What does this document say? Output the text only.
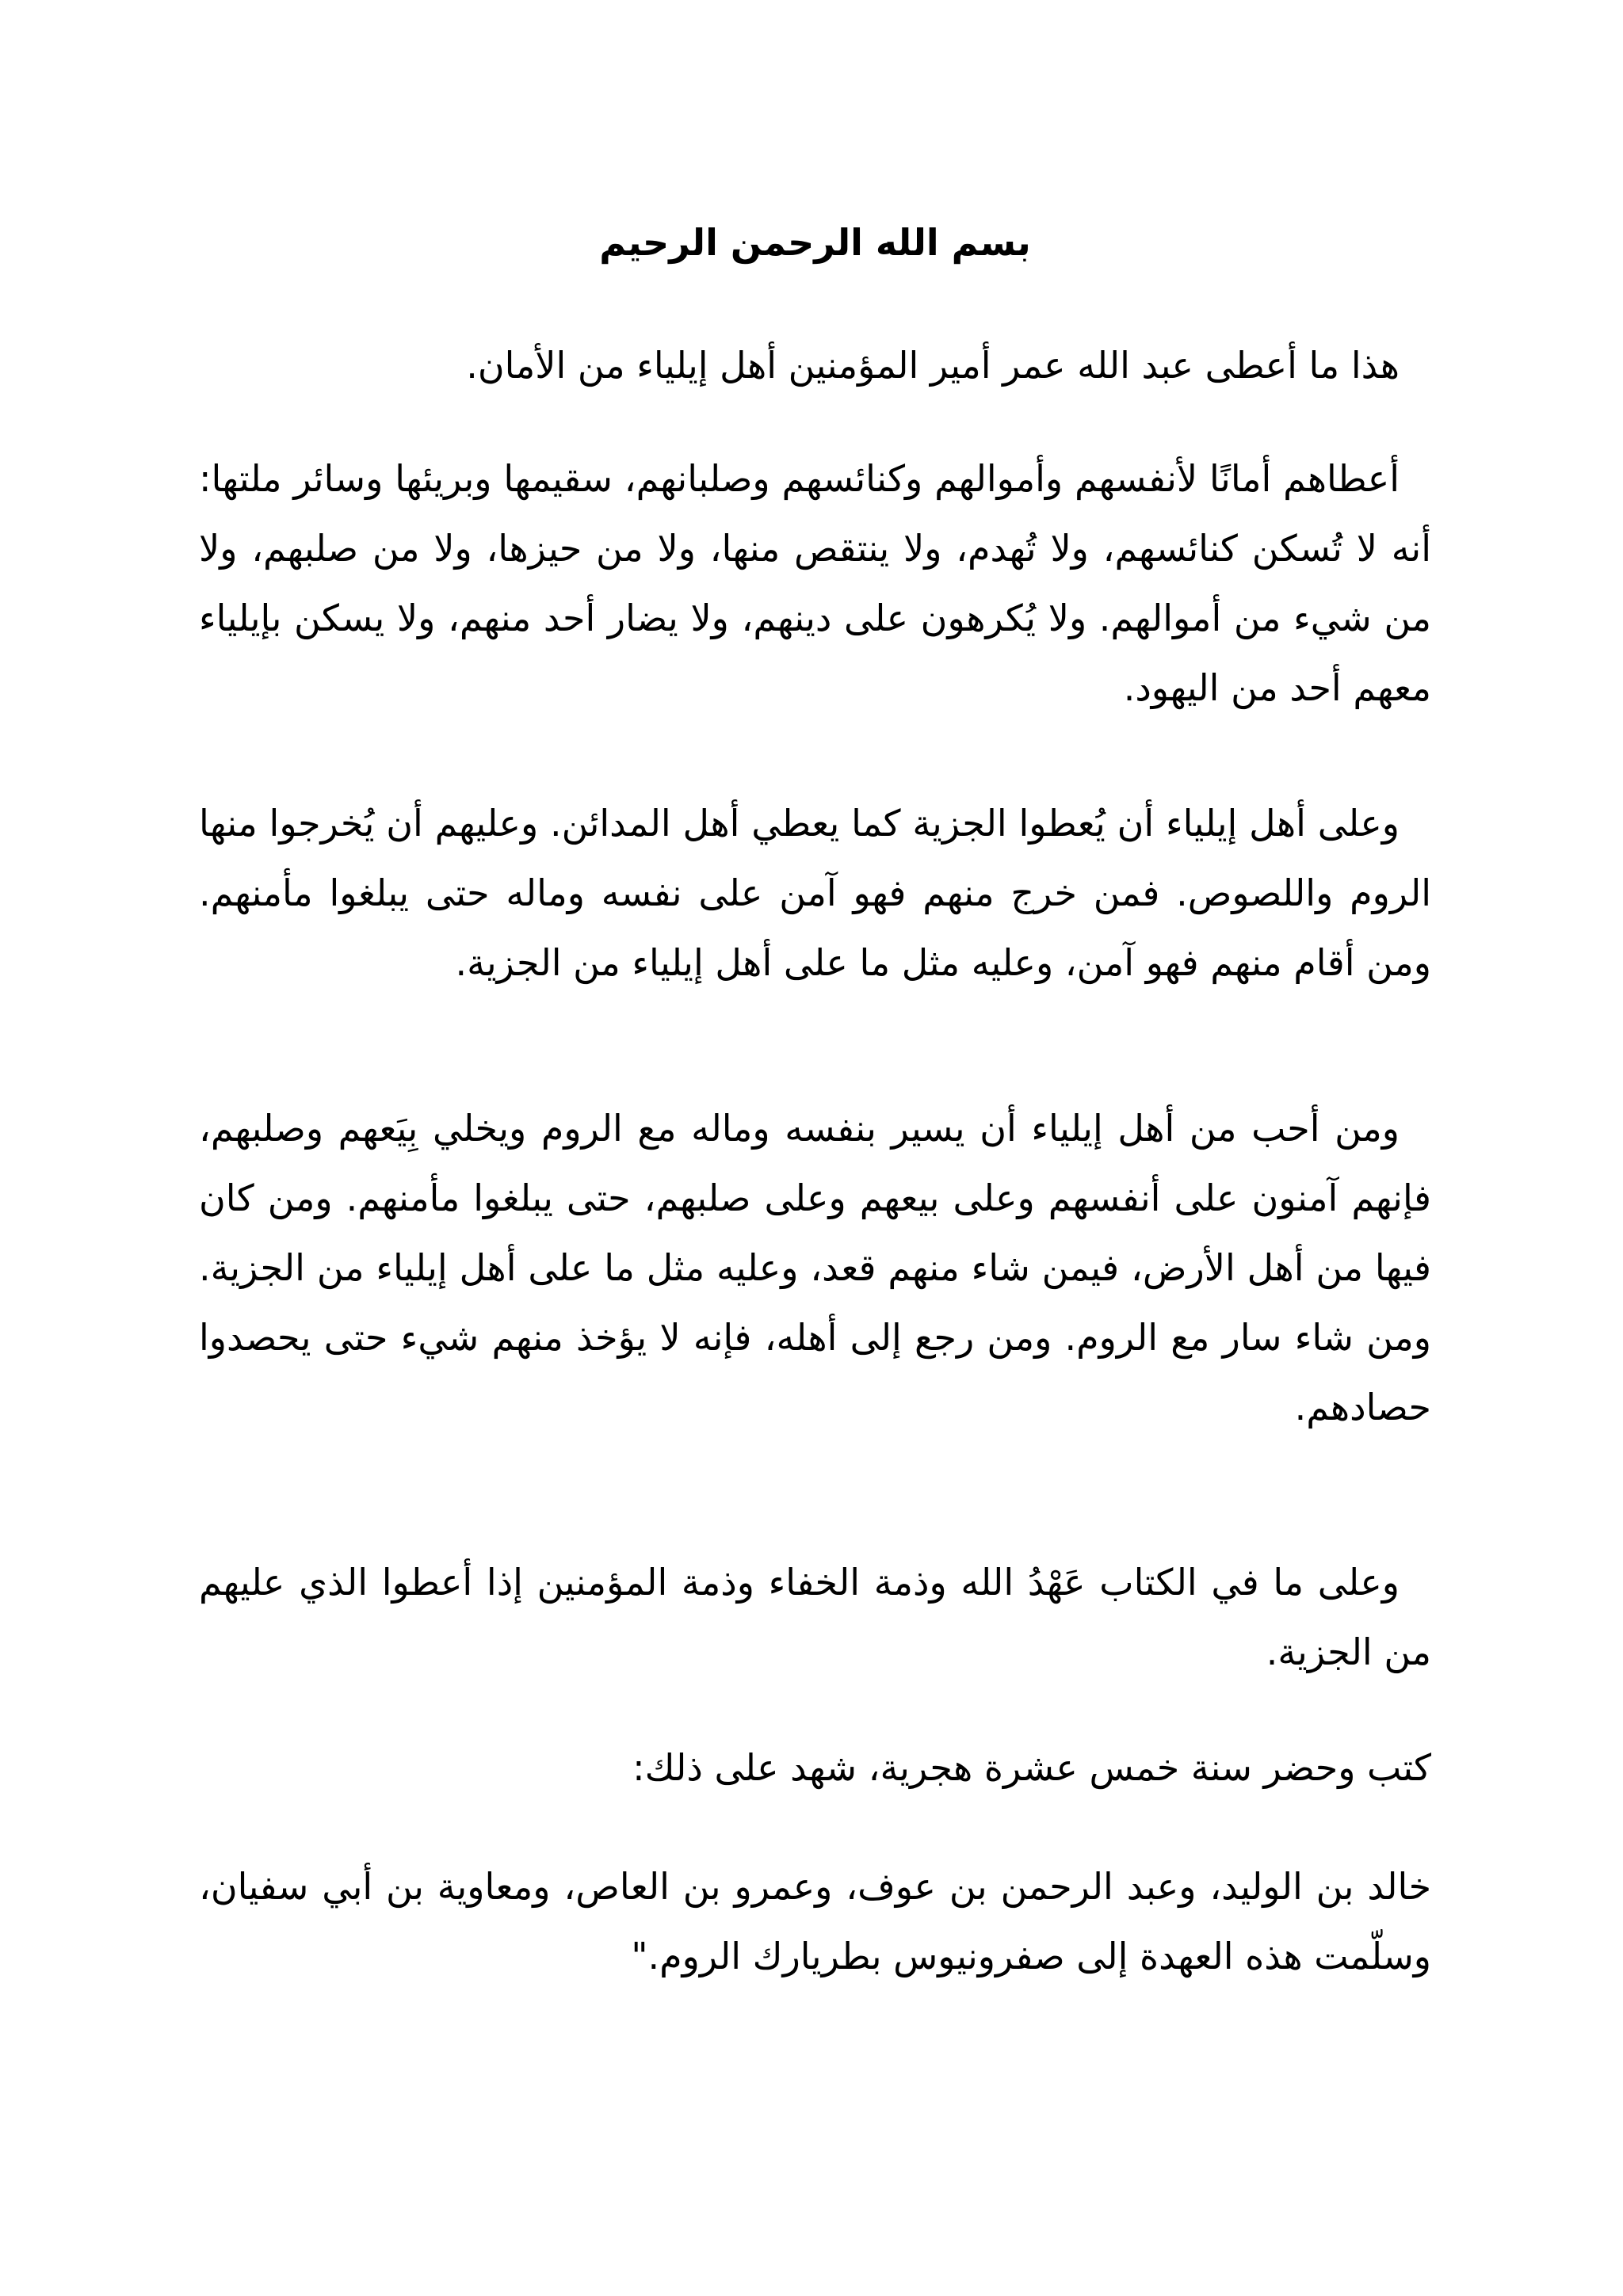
بسم الله الرحمن الرحيم

هذا ما أعطى عبد الله عمر أمير المؤمنين أهل إيلياء من الأمان.

أعطاهم أمانًا لأنفسهم وأموالهم وكنائسهم وصلبانهم، سقيمها وبريئها وسائر ملتها: أنه لا تُسكن كنائسهم، ولا تُهدم، ولا ينتقص منها، ولا من حيزها، ولا من صلبهم، ولا من شيء من أموالهم. ولا يُكرهون على دينهم، ولا يضار أحد منهم، ولا يسكن بإيلياء معهم أحد من اليهود.

وعلى أهل إيلياء أن يُعطوا الجزية كما يعطي أهل المدائن. وعليهم أن يُخرجوا منها الروم واللصوص. فمن خرج منهم فهو آمن على نفسه وماله حتى يبلغوا مأمنهم. ومن أقام منهم فهو آمن، وعليه مثل ما على أهل إيلياء من الجزية.

ومن أحب من أهل إيلياء أن يسير بنفسه وماله مع الروم ويخلي بِيَعهم وصلبهم، فإنهم آمنون على أنفسهم وعلى بيعهم وعلى صلبهم، حتى يبلغوا مأمنهم. ومن كان فيها من أهل الأرض، فيمن شاء منهم قعد، وعليه مثل ما على أهل إيلياء من الجزية. ومن شاء سار مع الروم. ومن رجع إلى أهله، فإنه لا يؤخذ منهم شيء حتى يحصدوا حصادهم.

وعلى ما في الكتاب عَهْدُ الله وذمة الخفاء وذمة المؤمنين إذا أعطوا الذي عليهم من الجزية.

كتب وحضر سنة خمس عشرة هجرية، شهد على ذلك:

خالد بن الوليد، وعبد الرحمن بن عوف، وعمرو بن العاص، ومعاوية بن أبي سفيان، وسلّمت هذه العهدة إلى صفرونيوس بطريارك الروم."
